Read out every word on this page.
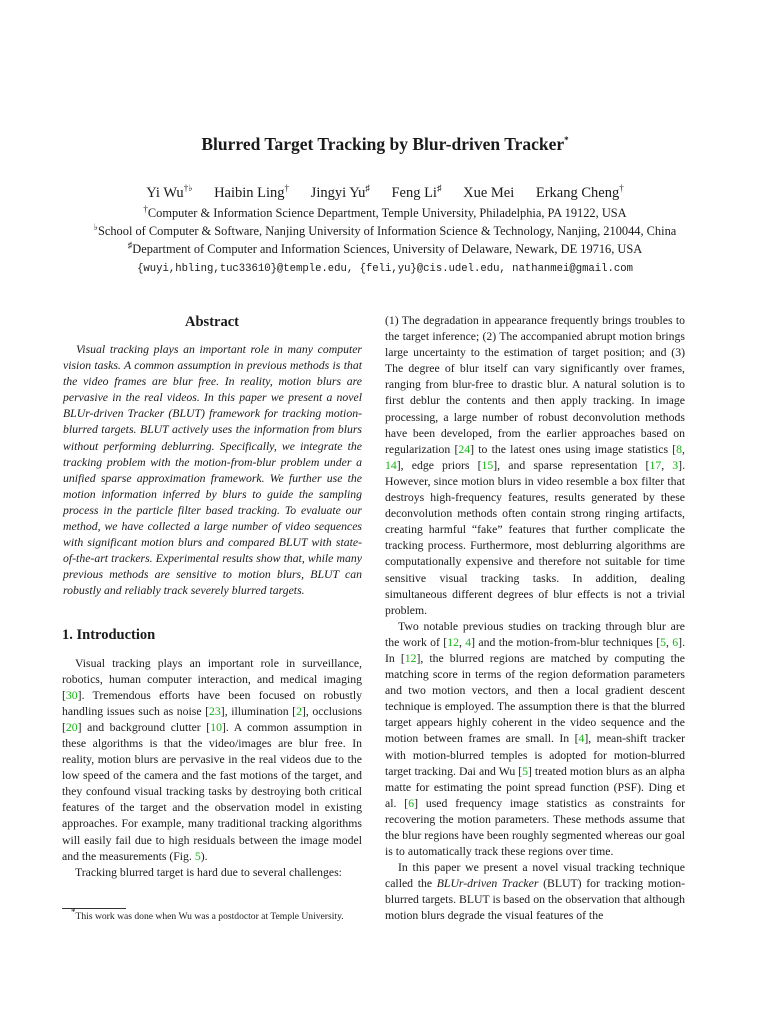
Blurred Target Tracking by Blur-driven Tracker*
Yi Wu†♭ Haibin Ling† Jingyi Yu♯ Feng Li♯ Xue Mei Erkang Cheng†
†Computer & Information Science Department, Temple University, Philadelphia, PA 19122, USA
♭School of Computer & Software, Nanjing University of Information Science & Technology, Nanjing, 210044, China
♯Department of Computer and Information Sciences, University of Delaware, Newark, DE 19716, USA
{wuyi,hbling,tuc33610}@temple.edu, {feli,yu}@cis.udel.edu, nathanmei@gmail.com
Abstract

Visual tracking plays an important role in many computer vision tasks. A common assumption in previous methods is that the video frames are blur free. In reality, motion blurs are pervasive in the real videos. In this paper we present a novel BLUr-driven Tracker (BLUT) framework for tracking motion-blurred targets. BLUT actively uses the information from blurs without performing deblurring. Specifically, we integrate the tracking problem with the motion-from-blur problem under a unified sparse approximation framework. We further use the motion information inferred by blurs to guide the sampling process in the particle filter based tracking. To evaluate our method, we have collected a large number of video sequences with significant motion blurs and compared BLUT with state-of-the-art trackers. Experimental results show that, while many previous methods are sensitive to motion blurs, BLUT can robustly and reliably track severely blurred targets.

1. Introduction

Visual tracking plays an important role in surveillance, robotics, human computer interaction, and medical imaging [30]. Tremendous efforts have been focused on robustly handling issues such as noise [23], illumination [2], occlusions [20] and background clutter [10]. A common assumption in these algorithms is that the video/images are blur free. In reality, motion blurs are pervasive in the real videos due to the low speed of the camera and the fast motions of the target, and they confound visual tracking tasks by destroying both critical features of the target and the observation model in existing approaches. For example, many traditional tracking algorithms will easily fail due to high residuals between the image model and the measurements (Fig. 5).

Tracking blurred target is hard due to several challenges:

*This work was done when Wu was a postdoctor at Temple University.

(1) The degradation in appearance frequently brings troubles to the target inference; (2) The accompanied abrupt motion brings large uncertainty to the estimation of target position; and (3) The degree of blur itself can vary significantly over frames, ranging from blur-free to drastic blur. A natural solution is to first deblur the contents and then apply tracking. In image processing, a large number of robust deconvolution methods have been developed, from the earlier approaches based on regularization [24] to the latest ones using image statistics [8, 14], edge priors [15], and sparse representation [17, 3]. However, since motion blurs in video resemble a box filter that destroys high-frequency features, results generated by these deconvolution methods often contain strong ringing artifacts, creating harmful “fake” features that further complicate the tracking process. Furthermore, most deblurring algorithms are computationally expensive and therefore not suitable for time sensitive visual tracking tasks. In addition, dealing simultaneous different degrees of blur effects is not a trivial problem.

Two notable previous studies on tracking through blur are the work of [12, 4] and the motion-from-blur techniques [5, 6]. In [12], the blurred regions are matched by computing the matching score in terms of the region deformation parameters and two motion vectors, and then a local gradient descent technique is employed. The assumption there is that the blurred target appears highly coherent in the video sequence and the motion between frames are small. In [4], mean-shift tracker with motion-blurred temples is adopted for motion-blurred target tracking. Dai and Wu [5] treated motion blurs as an alpha matte for estimating the point spread function (PSF). Ding et al. [6] used frequency image statistics as constraints for recovering the motion parameters. These methods assume that the blur regions have been roughly segmented whereas our goal is to automatically track these regions over time.

In this paper we present a novel visual tracking technique called the BLUr-driven Tracker (BLUT) for tracking motion-blurred targets. BLUT is based on the observation that although motion blurs degrade the visual features of the
